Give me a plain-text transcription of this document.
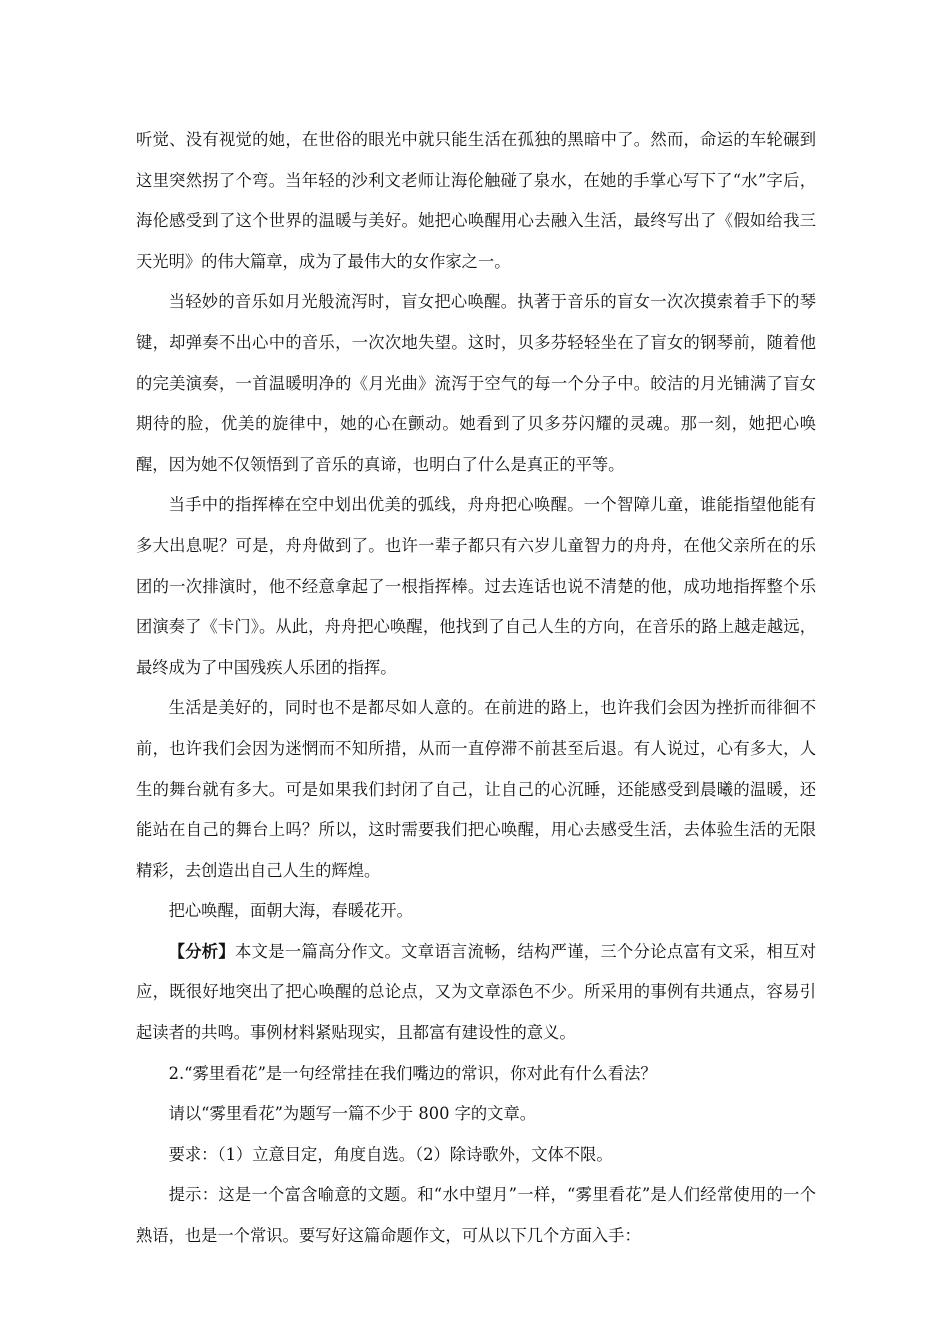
听觉、没有视觉的她，在世俗的眼光中就只能生活在孤独的黑暗中了。然而，命运的车轮碾到这里突然拐了个弯。当年轻的沙利文老师让海伦触碰了泉水，在她的手掌心写下了“水”字后，海伦感受到了这个世界的温暖与美好。她把心唤醒用心去融入生活，最终写出了《假如给我三天光明》的伟大篇章，成为了最伟大的女作家之一。

当轻妙的音乐如月光般流泻时，盲女把心唤醒。执著于音乐的盲女一次次摸索着手下的琴键，却弹奏不出心中的音乐，一次次地失望。这时，贝多芬轻轻坐在了盲女的钢琴前，随着他的完美演奏，一首温暖明净的《月光曲》流泻于空气的每一个分子中。皎洁的月光铺满了盲女期待的脸，优美的旋律中，她的心在颤动。她看到了贝多芬闪耀的灵魂。那一刻，她把心唤醒，因为她不仅领悟到了音乐的真谛，也明白了什么是真正的平等。

当手中的指挥棒在空中划出优美的弧线，舟舟把心唤醒。一个智障儿童，谁能指望他能有多大出息呢？可是，舟舟做到了。也许一辈子都只有六岁儿童智力的舟舟，在他父亲所在的乐团的一次排演时，他不经意拿起了一根指挥棒。过去连话也说不清楚的他，成功地指挥整个乐团演奏了《卡门》。从此，舟舟把心唤醒，他找到了自己人生的方向，在音乐的路上越走越远，最终成为了中国残疾人乐团的指挥。

生活是美好的，同时也不是都尽如人意的。在前进的路上，也许我们会因为挫折而徘徊不前，也许我们会因为迷惘而不知所措，从而一直停滞不前甚至后退。有人说过，心有多大，人生的舞台就有多大。可是如果我们封闭了自己，让自己的心沉睡，还能感受到晨曦的温暖，还能站在自己的舞台上吗？所以，这时需要我们把心唤醒，用心去感受生活，去体验生活的无限精彩，去创造出自己人生的辉煌。

把心唤醒，面朝大海，春暖花开。

【分析】本文是一篇高分作文。文章语言流畅，结构严谨，三个分论点富有文采，相互对应，既很好地突出了把心唤醒的总论点，又为文章添色不少。所采用的事例有共通点，容易引起读者的共鸣。事例材料紧贴现实，且都富有建设性的意义。

2.“雾里看花”是一句经常挂在我们嘴边的常识，你对此有什么看法？

请以“雾里看花”为题写一篇不少于 800 字的文章。

要求：（1）立意目定，角度自选。（2）除诗歌外，文体不限。

提示：这是一个富含喻意的文题。和“水中望月”一样，“雾里看花”是人们经常使用的一个熟语，也是一个常识。要写好这篇命题作文，可从以下几个方面入手：
